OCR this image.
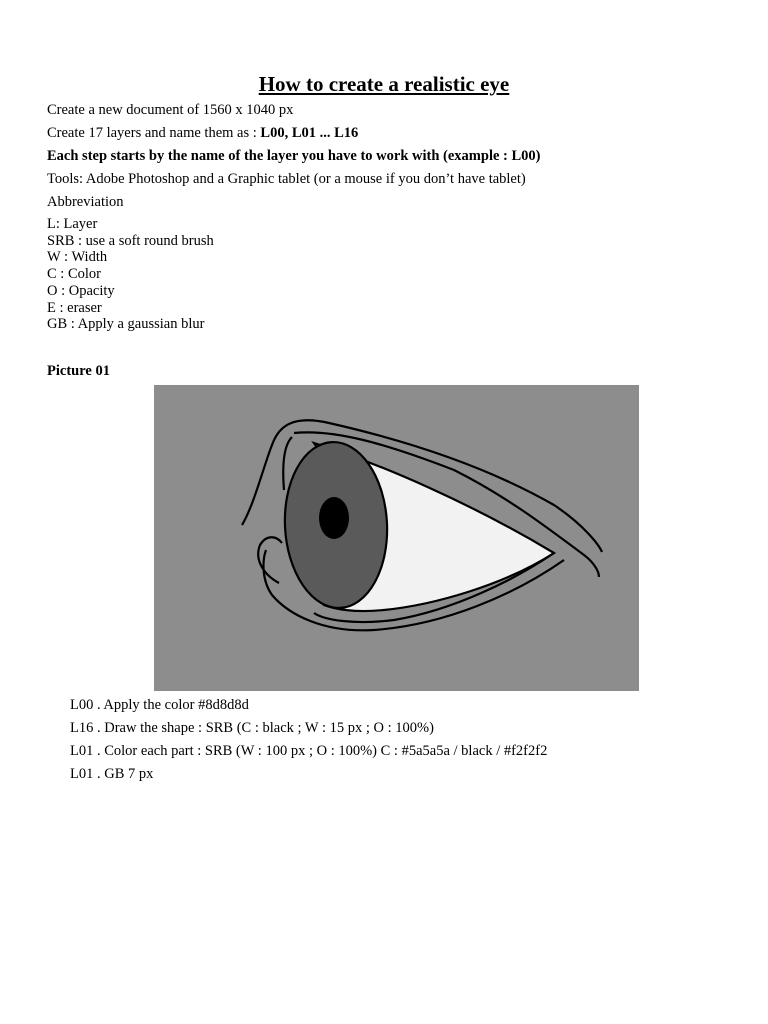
How to create a realistic eye
Create a new document of 1560 x 1040 px
Create 17 layers and name them as : L00, L01 ... L16
Each step starts by the name of the layer you have to work with (example : L00)
Tools: Adobe Photoshop and a Graphic tablet (or a mouse if you don’t have tablet)
Abbreviation
L: Layer
SRB : use a soft round brush
W : Width
C : Color
O : Opacity
E : eraser
GB : Apply a gaussian blur
Picture 01
L00 . Apply the color #8d8d8d
L16 . Draw the shape : SRB (C : black ; W : 15 px ; O : 100%)
L01 . Color each part : SRB (W : 100 px ; O : 100%) C : #5a5a5a / black / #f2f2f2
L01 . GB 7 px
